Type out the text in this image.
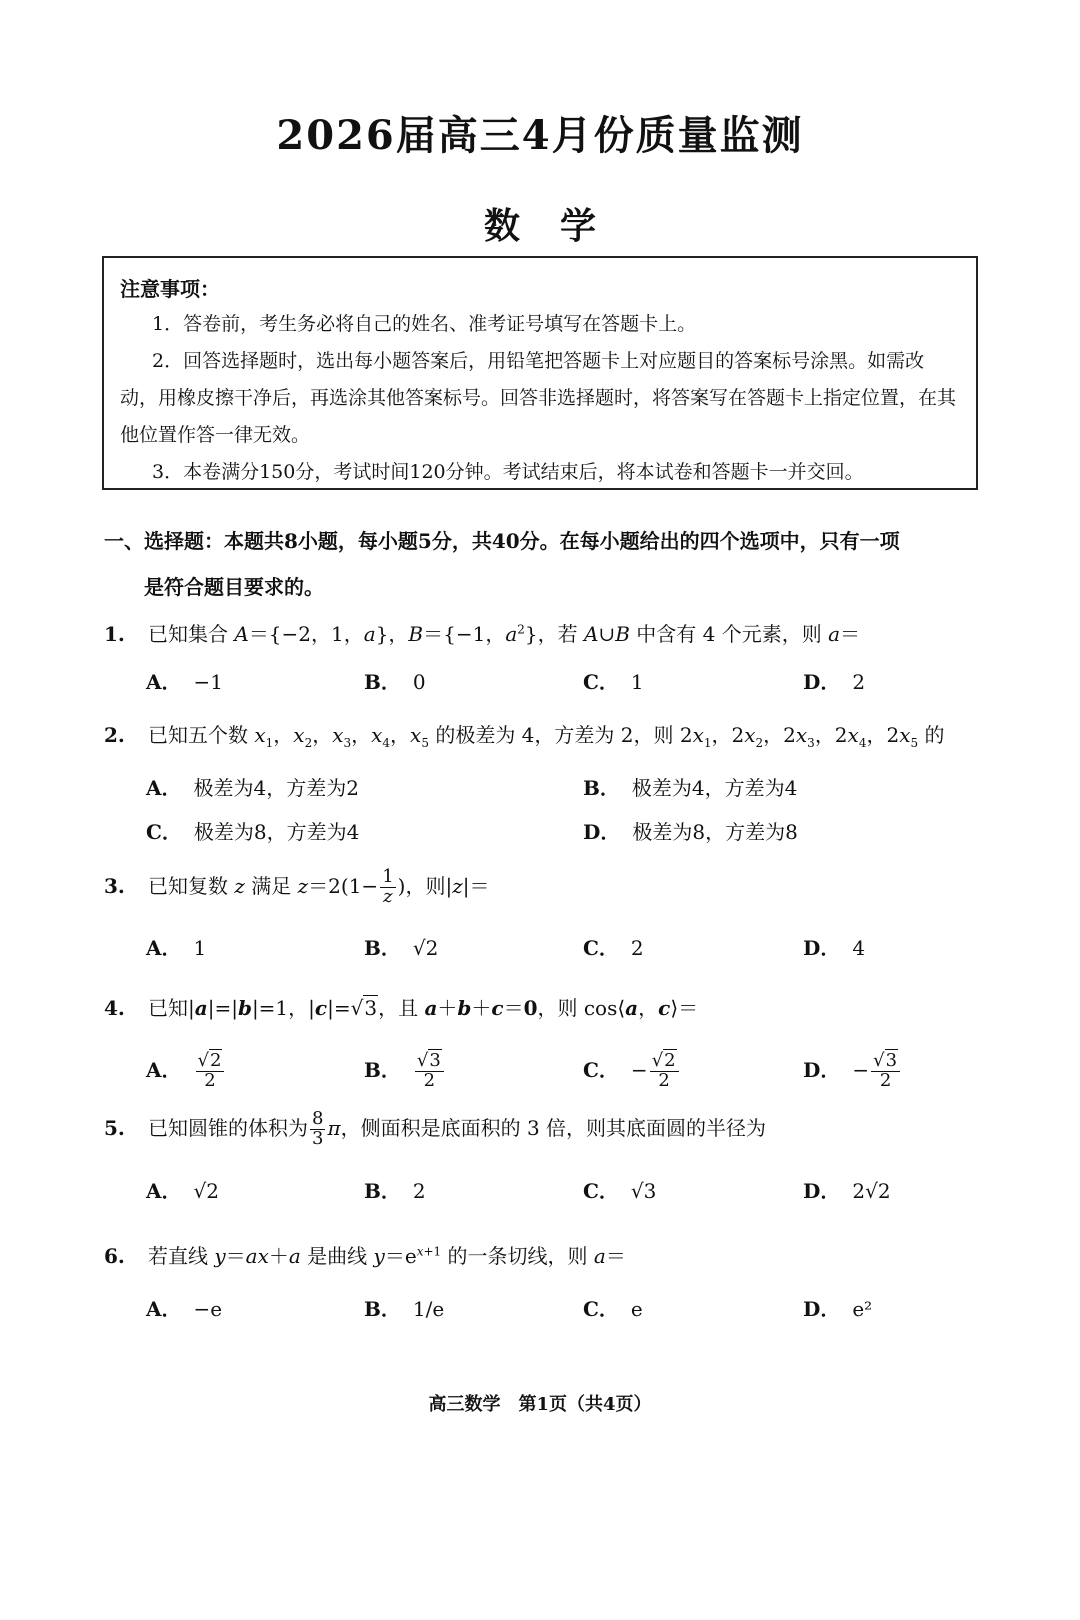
2026届高三4月份质量监测
数学
注意事项：

1．答卷前，考生务必将自己的姓名、准考证号填写在答题卡上。

2．回答选择题时，选出每小题答案后，用铅笔把答题卡上对应题目的答案标号涂黑。如需改动，用橡皮擦干净后，再选涂其他答案标号。回答非选择题时，将答案写在答题卡上指定位置，在其他位置作答一律无效。

3．本卷满分150分，考试时间120分钟。考试结束后，将本试卷和答题卡一并交回。

一、选择题：本题共8小题，每小题5分，共40分。在每小题给出的四个选项中，只有一项
是符合题目要求的。
1. 已知集合 A＝{−2，1，a}，B＝{−1，$a^2$}，若 A∪B 中含有 4 个元素，则 a＝
A． −1	B． 0	C． 1	D． 2
2. 已知五个数 $x_1$，$x_2$，$x_3$，$x_4$，$x_5$ 的极差为 4，方差为 2，则 $2x_1$，$2x_2$，$2x_3$，$2x_4$，$2x_5$ 的
A． 极差为4，方差为2	B． 极差为4，方差为4
C． 极差为8，方差为4	D． 极差为8，方差为8
3. 已知复数 z 满足 $z=2(1- \frac{1}{z}$ )，则|z|＝
A． 1	B． √2	C． 2	D． 4
4. 已知|a|=|b|=1，|c|=√3，且 a＋b＋c＝0，则 cos⟨a，c⟩＝
A． $\frac{√2}{2}$	B． $\frac{√3}{2}$	C． − $\frac{√2}{2}$	D． − $\frac{√3}{2}$
5. 已知圆锥的体积为 $\frac{8}{3}$ π，侧面积是底面积的 3 倍，则其底面圆的半径为
A． √2	B． 2	C． √3	D． 2√2
6. 若直线 y＝ax＋a 是曲线 $y=e^{x+1}$ 的一条切线，则 a＝
A． −e	B． 1/e	C． e	D． e²
高三数学　第1页（共4页）
